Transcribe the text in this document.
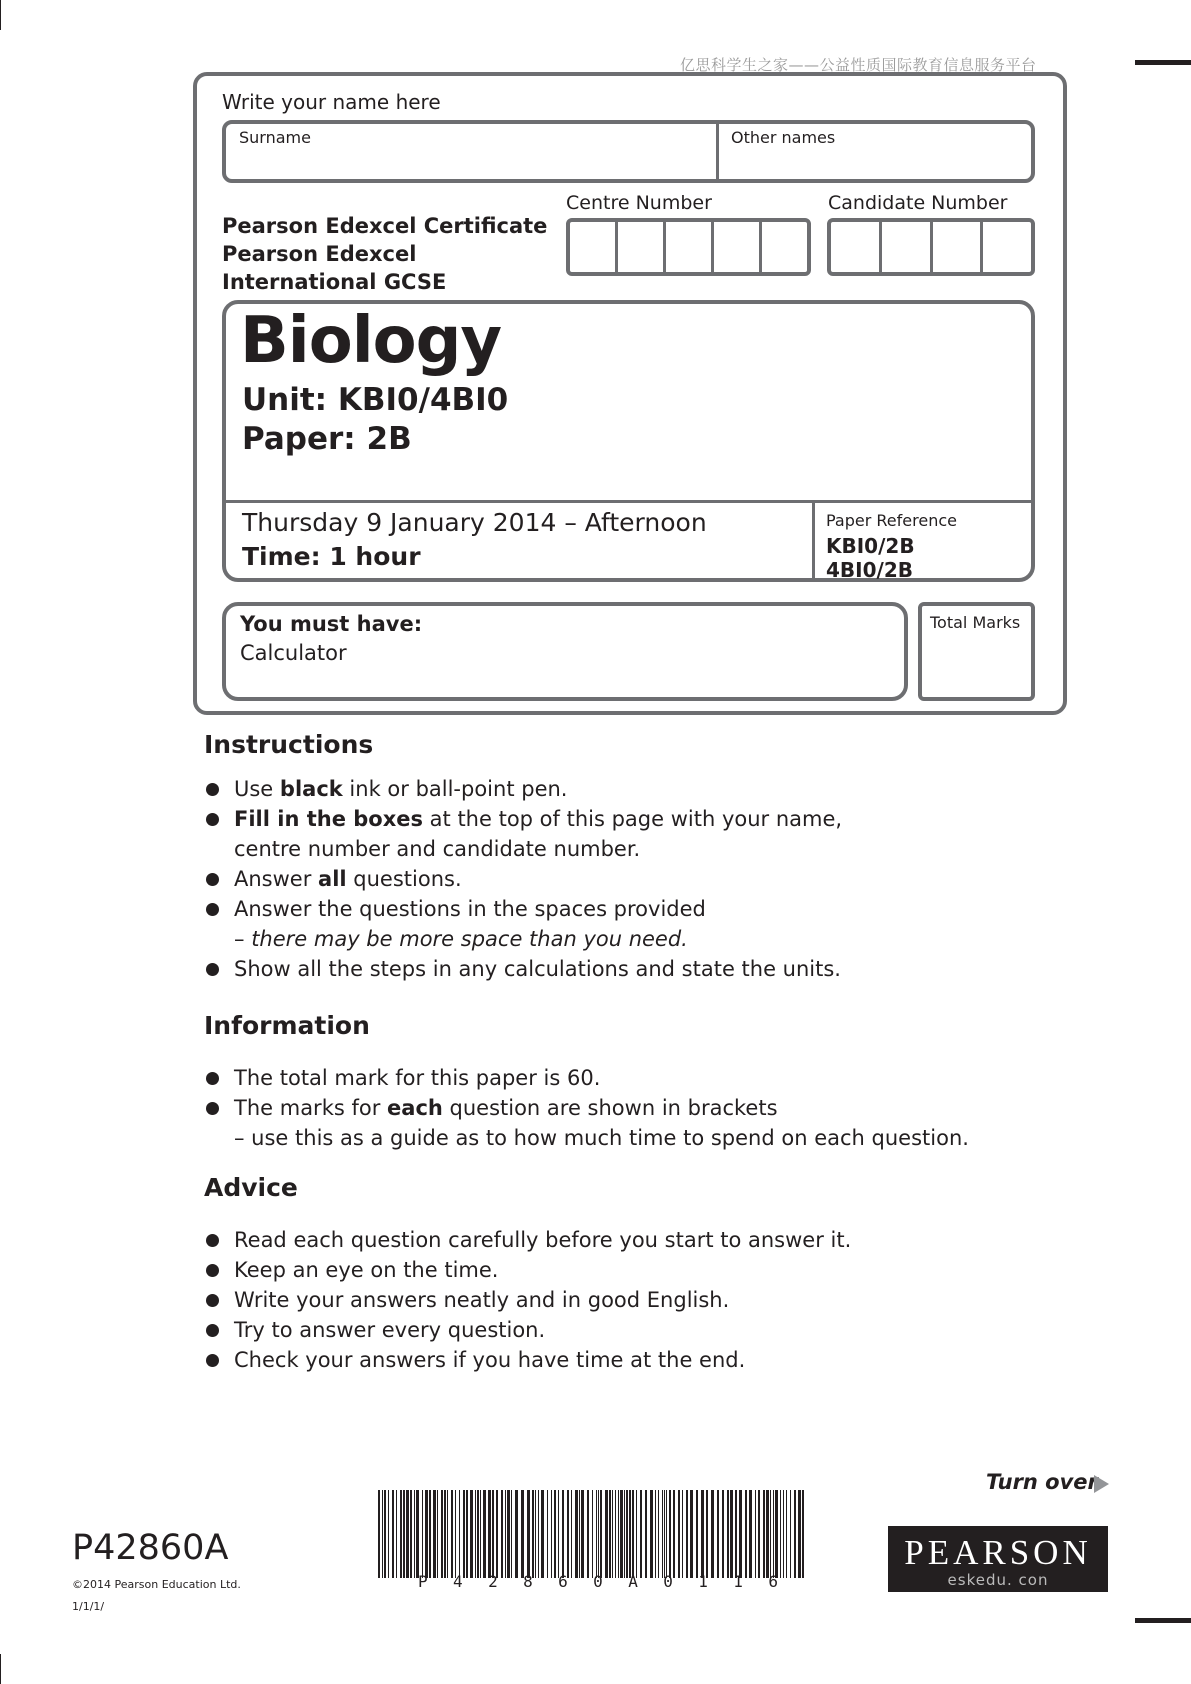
亿思科学生之家——公益性质国际教育信息服务平台
Write your name here
Surname	Other names
Centre Number	Candidate Number
Pearson Edexcel Certificate
Pearson Edexcel
International GCSE
Biology
Unit: KBI0/4BI0
Paper: 2B
Thursday 9 January 2014 – Afternoon
Time: 1 hour
Paper Reference
KBI0/2B
4BI0/2B
You must have:
Calculator
Total Marks
Instructions
Use black ink or ball-point pen.
Fill in the boxes at the top of this page with your name,
centre number and candidate number.
Answer all questions.
Answer the questions in the spaces provided
– there may be more space than you need.
Show all the steps in any calculations and state the units.
Information
The total mark for this paper is 60.
The marks for each question are shown in brackets
– use this as a guide as to how much time to spend on each question.
Advice
Read each question carefully before you start to answer it.
Keep an eye on the time.
Write your answers neatly and in good English.
Try to answer every question.
Check your answers if you have time at the end.
P42860A
©2014 Pearson Education Ltd.
1/1/1/
P 4 2 8 6 0 A 0 1 1 6
Turn over
PEARSON
eskedu. con
